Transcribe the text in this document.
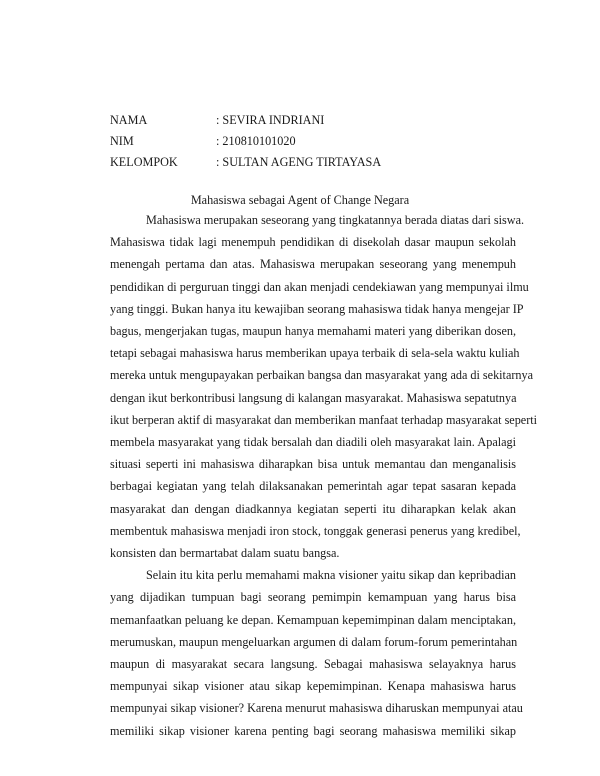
NAMA	: SEVIRA INDRIANI
NIM	: 210810101020
KELOMPOK	: SULTAN AGENG TIRTAYASA
Mahasiswa sebagai Agent of Change Negara
Mahasiswa merupakan seseorang yang tingkatannya berada diatas dari siswa.
Mahasiswa tidak lagi menempuh pendidikan di disekolah dasar maupun sekolah
menengah pertama dan atas. Mahasiswa merupakan seseorang yang menempuh
pendidikan di perguruan tinggi dan akan menjadi cendekiawan yang mempunyai ilmu
yang tinggi. Bukan hanya itu kewajiban seorang mahasiswa tidak hanya mengejar IP
bagus, mengerjakan tugas, maupun hanya memahami materi yang diberikan dosen,
tetapi sebagai mahasiswa harus memberikan upaya terbaik di sela-sela waktu kuliah
mereka untuk mengupayakan perbaikan bangsa dan masyarakat yang ada di sekitarnya
dengan ikut berkontribusi langsung di kalangan masyarakat. Mahasiswa sepatutnya
ikut berperan aktif di masyarakat dan memberikan manfaat terhadap masyarakat seperti
membela masyarakat yang tidak bersalah dan diadili oleh masyarakat lain. Apalagi
situasi seperti ini mahasiswa diharapkan bisa untuk memantau dan menganalisis
berbagai kegiatan yang telah dilaksanakan pemerintah agar tepat sasaran kepada
masyarakat dan dengan diadkannya kegiatan seperti itu diharapkan kelak akan
membentuk mahasiswa menjadi iron stock, tonggak generasi penerus yang kredibel,
konsisten dan bermartabat dalam suatu bangsa.
Selain itu kita perlu memahami makna visioner yaitu sikap dan kepribadian
yang dijadikan tumpuan bagi seorang pemimpin kemampuan yang harus bisa
memanfaatkan peluang ke depan. Kemampuan kepemimpinan dalam menciptakan,
merumuskan, maupun mengeluarkan argumen di dalam forum-forum pemerintahan
maupun di masyarakat secara langsung. Sebagai mahasiswa selayaknya harus
mempunyai sikap visioner atau sikap kepemimpinan. Kenapa mahasiswa harus
mempunyai sikap visioner? Karena menurut mahasiswa diharuskan mempunyai atau
memiliki sikap visioner karena penting bagi seorang mahasiswa memiliki sikap
